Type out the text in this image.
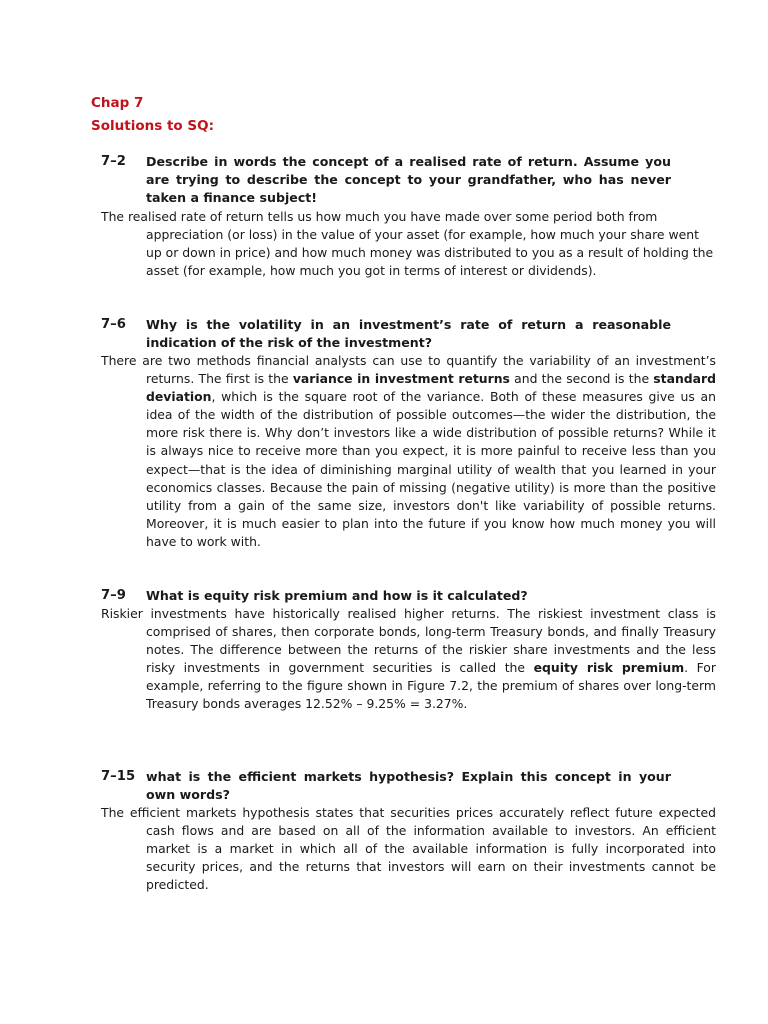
Chap 7
Solutions to SQ:
7–2 Describe in words the concept of a realised rate of return. Assume you are trying to describe the concept to your grandfather, who has never taken a finance subject!
The realised rate of return tells us how much you have made over some period both from appreciation (or loss) in the value of your asset (for example, how much your share went up or down in price) and how much money was distributed to you as a result of holding the asset (for example, how much you got in terms of interest or dividends).
7–6 Why is the volatility in an investment’s rate of return a reasonable indication of the risk of the investment?
There are two methods financial analysts can use to quantify the variability of an investment’s returns. The first is the variance in investment returns and the second is the standard deviation, which is the square root of the variance. Both of these measures give us an idea of the width of the distribution of possible outcomes—the wider the distribution, the more risk there is. Why don’t investors like a wide distribution of possible returns? While it is always nice to receive more than you expect, it is more painful to receive less than you expect—that is the idea of diminishing marginal utility of wealth that you learned in your economics classes. Because the pain of missing (negative utility) is more than the positive utility from a gain of the same size, investors don't like variability of possible returns. Moreover, it is much easier to plan into the future if you know how much money you will have to work with.
7–9 What is equity risk premium and how is it calculated?
Riskier investments have historically realised higher returns. The riskiest investment class is comprised of shares, then corporate bonds, long-term Treasury bonds, and finally Treasury notes. The difference between the returns of the riskier share investments and the less risky investments in government securities is called the equity risk premium. For example, referring to the figure shown in Figure 7.2, the premium of shares over long-term Treasury bonds averages 12.52% – 9.25% = 3.27%.
7–15 what is the efficient markets hypothesis? Explain this concept in your own words?
The efficient markets hypothesis states that securities prices accurately reflect future expected cash flows and are based on all of the information available to investors. An efficient market is a market in which all of the available information is fully incorporated into security prices, and the returns that investors will earn on their investments cannot be predicted.
